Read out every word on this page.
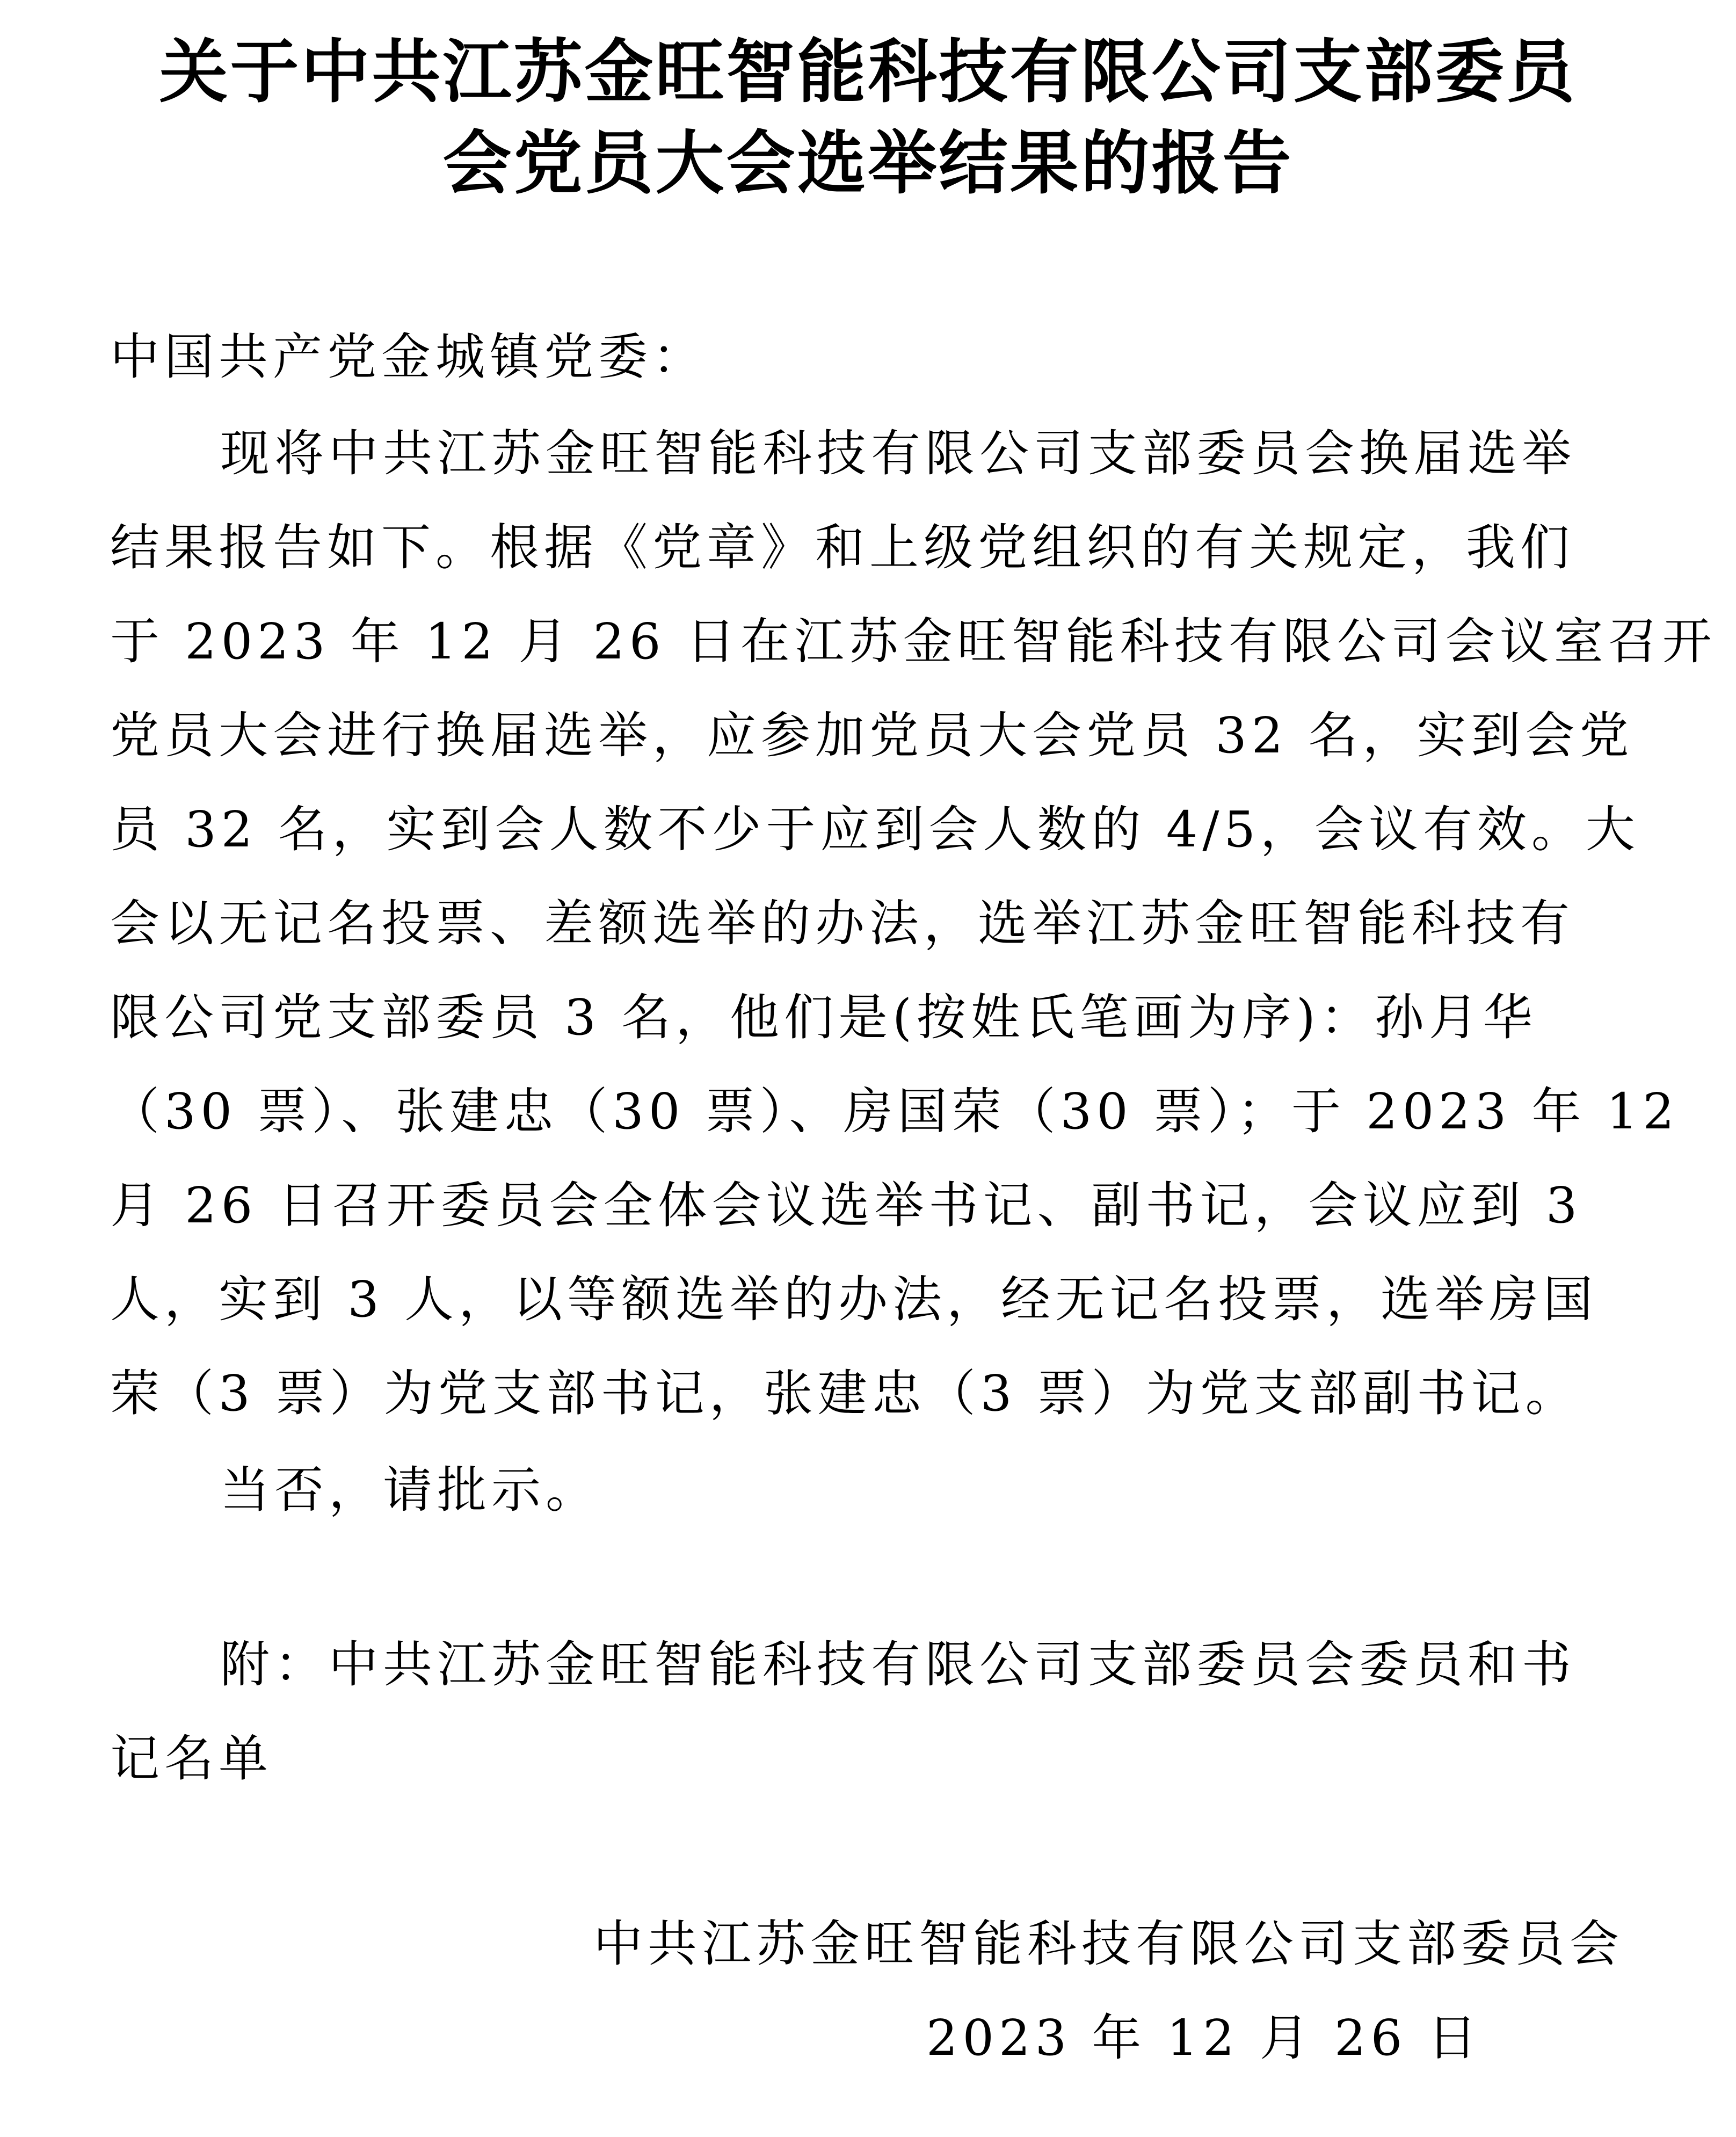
关于中共江苏金旺智能科技有限公司支部委员
会党员大会选举结果的报告
中国共产党金城镇党委：
现将中共江苏金旺智能科技有限公司支部委员会换届选举
结果报告如下。根据《党章》和上级党组织的有关规定，我们
于 2023 年 12 月 26 日在江苏金旺智能科技有限公司会议室召开
党员大会进行换届选举，应参加党员大会党员 32 名，实到会党
员 32 名，实到会人数不少于应到会人数的 4/5，会议有效。大
会以无记名投票、差额选举的办法，选举江苏金旺智能科技有
限公司党支部委员 3 名，他们是(按姓氏笔画为序)：孙月华
（30 票）、张建忠（30 票）、房国荣（30 票）；于 2023 年 12
月 26 日召开委员会全体会议选举书记、副书记，会议应到 3
人，实到 3 人，以等额选举的办法，经无记名投票，选举房国
荣（3 票）为党支部书记，张建忠（3 票）为党支部副书记。
当否，请批示。
附：中共江苏金旺智能科技有限公司支部委员会委员和书
记名单
中共江苏金旺智能科技有限公司支部委员会
2023 年 12 月 26 日
